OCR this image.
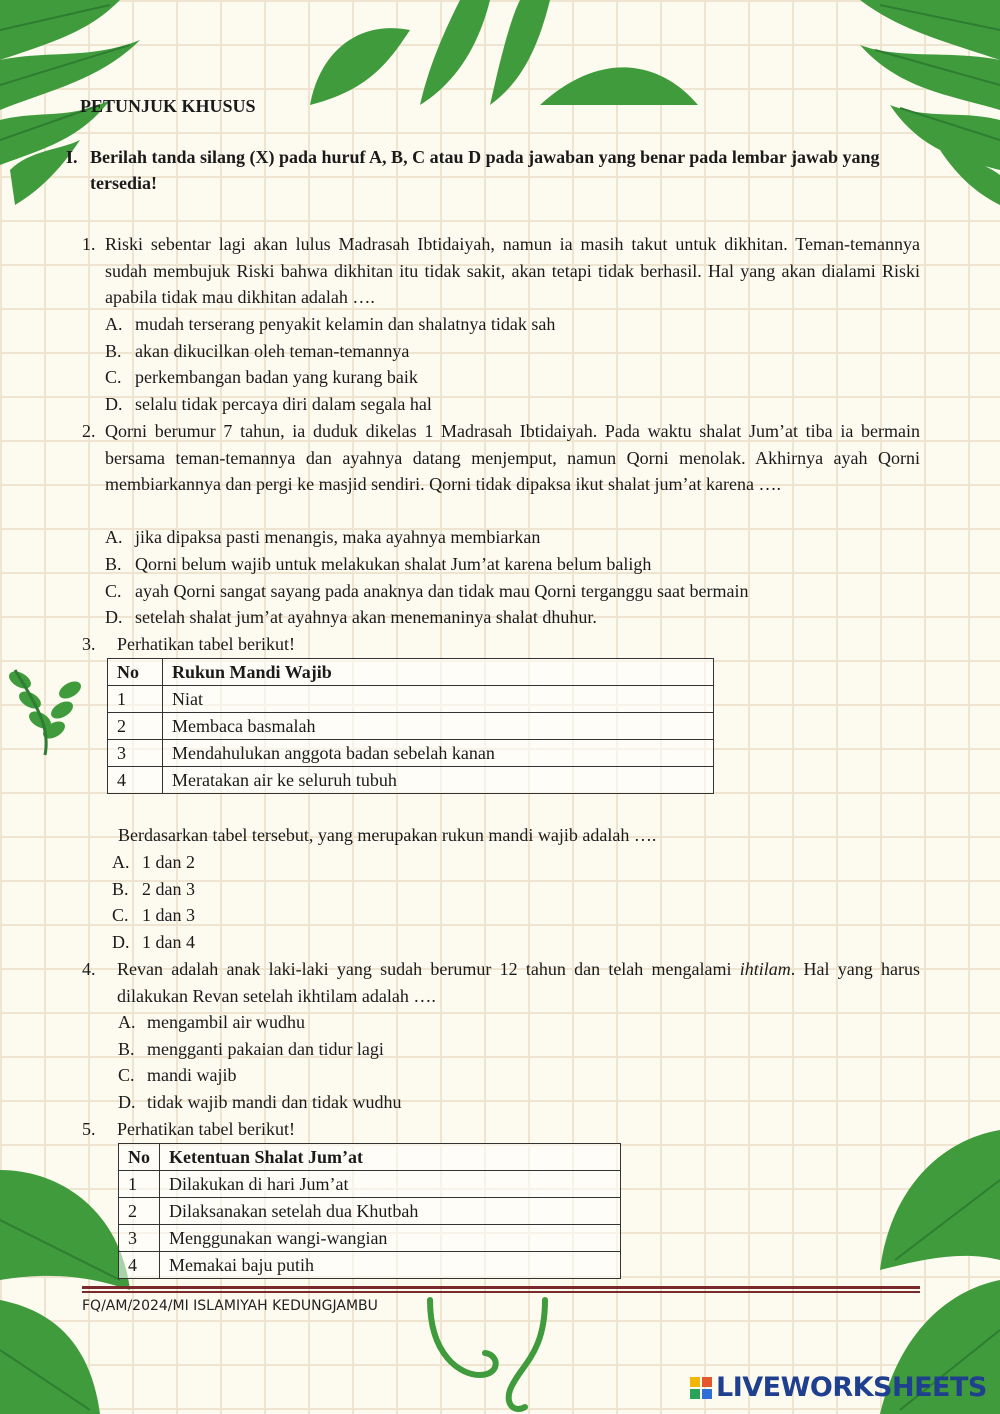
PETUNJUK KHUSUS
I. Berilah tanda silang (X) pada huruf A, B, C atau D pada jawaban yang benar pada lembar jawab yang tersedia!
1. Riski sebentar lagi akan lulus Madrasah Ibtidaiyah, namun ia masih takut untuk dikhitan. Teman-temannya sudah membujuk Riski bahwa dikhitan itu tidak sakit, akan tetapi tidak berhasil. Hal yang akan dialami Riski apabila tidak mau dikhitan adalah ….
A. mudah terserang penyakit kelamin dan shalatnya tidak sah
B. akan dikucilkan oleh teman-temannya
C. perkembangan badan yang kurang baik
D. selalu tidak percaya diri dalam segala hal
2. Qorni berumur 7 tahun, ia duduk dikelas 1 Madrasah Ibtidaiyah. Pada waktu shalat Jum’at tiba ia bermain bersama teman-temannya dan ayahnya datang menjemput, namun Qorni menolak. Akhirnya ayah Qorni membiarkannya dan pergi ke masjid sendiri. Qorni tidak dipaksa ikut shalat jum’at karena ….
A. jika dipaksa pasti menangis, maka ayahnya membiarkan
B. Qorni belum wajib untuk melakukan shalat Jum’at karena belum baligh
C. ayah Qorni sangat sayang pada anaknya dan tidak mau Qorni terganggu saat bermain
D. setelah shalat jum’at ayahnya akan menemaninya shalat dhuhur.
3. Perhatikan tabel berikut!
No	Rukun Mandi Wajib
1	Niat
2	Membaca basmalah
3	Mendahulukan anggota badan sebelah kanan
4	Meratakan air ke seluruh tubuh
Berdasarkan tabel tersebut, yang merupakan rukun mandi wajib adalah ….
A. 1 dan 2
B. 2 dan 3
C. 1 dan 3
D. 1 dan 4
4. Revan adalah anak laki-laki yang sudah berumur 12 tahun dan telah mengalami ihtilam. Hal yang harus dilakukan Revan setelah ikhtilam adalah ….
A. mengambil air wudhu
B. mengganti pakaian dan tidur lagi
C. mandi wajib
D. tidak wajib mandi dan tidak wudhu
5. Perhatikan tabel berikut!
No	Ketentuan Shalat Jum’at
1	Dilakukan di hari Jum’at
2	Dilaksanakan setelah dua Khutbah
3	Menggunakan wangi-wangian
4	Memakai baju putih
FQ/AM/2024/MI ISLAMIYAH KEDUNGJAMBU
LIVEWORKSHEETS
